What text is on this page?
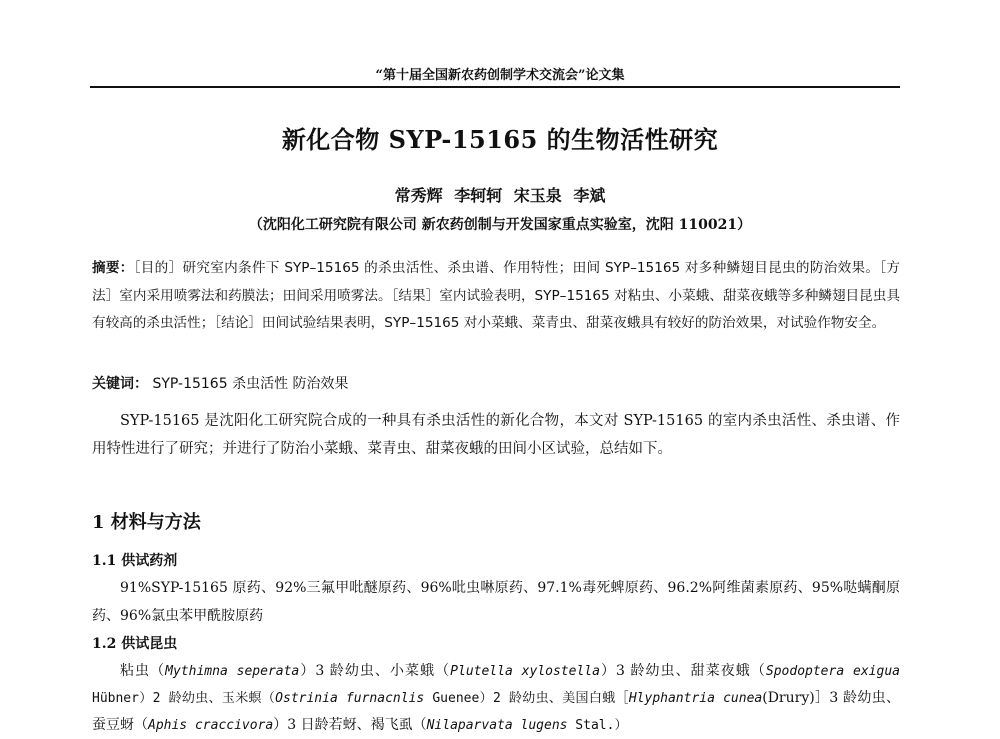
“第十届全国新农药创制学术交流会”论文集
新化合物 SYP-15165 的生物活性研究
常秀辉 李轲轲 宋玉泉 李斌
（沈阳化工研究院有限公司 新农药创制与开发国家重点实验室，沈阳 110021）
摘要：［目的］研究室内条件下 SYP–15165 的杀虫活性、杀虫谱、作用特性；田间 SYP–15165 对多种鳞翅目昆虫的防治效果。［方法］室内采用喷雾法和药膜法；田间采用喷雾法。［结果］室内试验表明，SYP–15165 对粘虫、小菜蛾、甜菜夜蛾等多种鳞翅目昆虫具有较高的杀虫活性；［结论］田间试验结果表明，SYP–15165 对小菜蛾、菜青虫、甜菜夜蛾具有较好的防治效果，对试验作物安全。
关键词： SYP-15165 杀虫活性 防治效果
SYP-15165 是沈阳化工研究院合成的一种具有杀虫活性的新化合物，本文对 SYP-15165 的室内杀虫活性、杀虫谱、作用特性进行了研究；并进行了防治小菜蛾、菜青虫、甜菜夜蛾的田间小区试验，总结如下。
1 材料与方法
1.1 供试药剂
91%SYP-15165 原药、92%三氟甲吡醚原药、96%吡虫啉原药、97.1%毒死蜱原药、96.2%阿维菌素原药、95%哒螨酮原药、96%氯虫苯甲酰胺原药
1.2 供试昆虫
粘虫（Mythimna seperata）3 龄幼虫、小菜蛾（Plutella xylostella）3 龄幼虫、甜菜夜蛾（Spodoptera exigua Hübner）2 龄幼虫、玉米螟（Ostrinia furnacnlis Guenee）2 龄幼虫、美国白蛾［Hlyphantria cunea(Drury)］3 龄幼虫、蚕豆蚜（Aphis craccivora）3 日龄若蚜、褐飞虱（Nilaparvata lugens Stal.）
